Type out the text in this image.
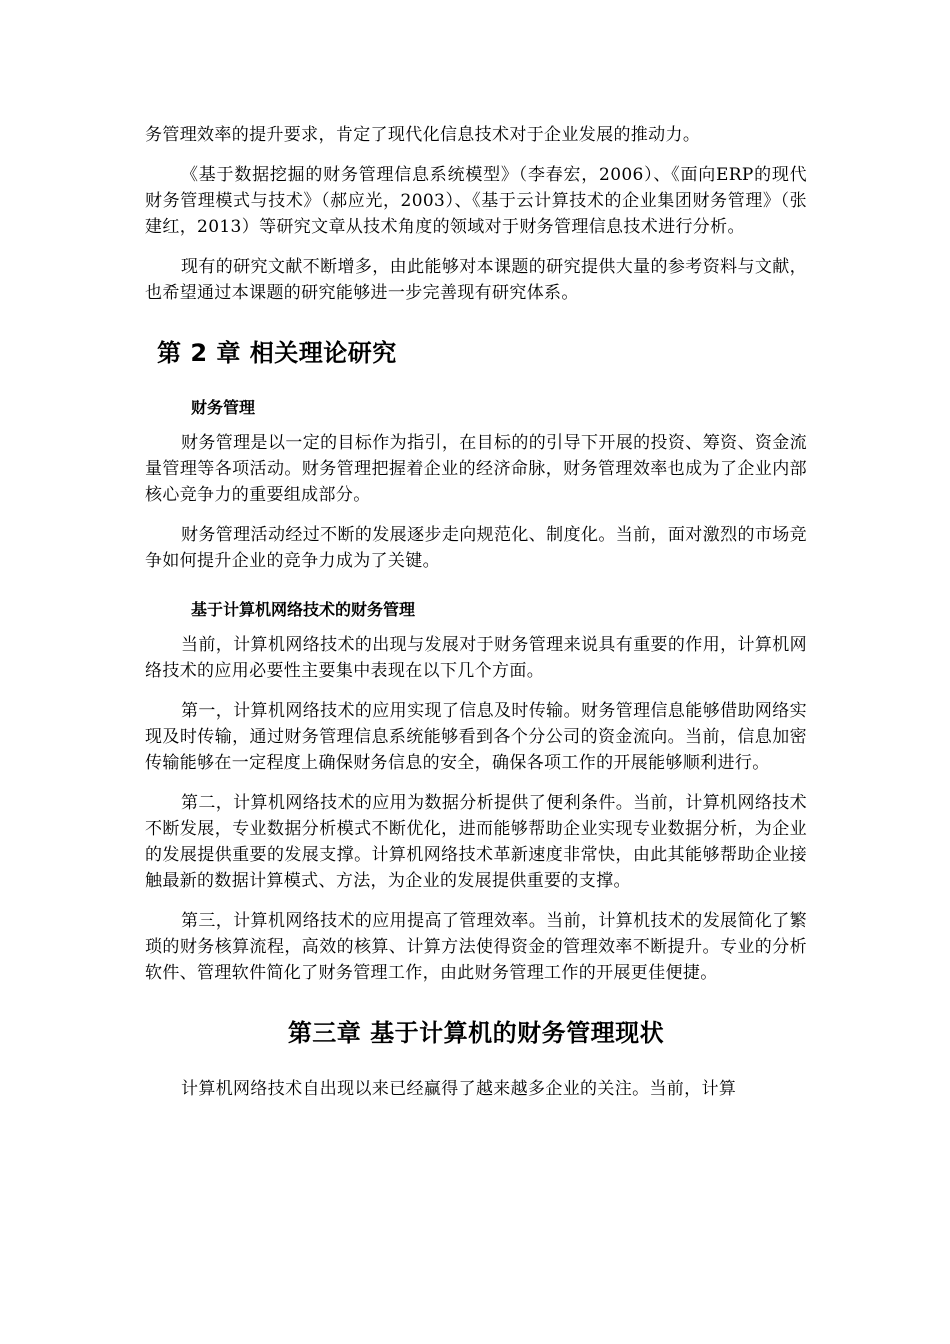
务管理效率的提升要求，肯定了现代化信息技术对于企业发展的推动力。

《基于数据挖掘的财务管理信息系统模型》（李春宏，2006）、《面向ERP的现代财务管理模式与技术》（郝应光，2003）、《基于云计算技术的企业集团财务管理》（张建红，2013）等研究文章从技术角度的领域对于财务管理信息技术进行分析。

现有的研究文献不断增多，由此能够对本课题的研究提供大量的参考资料与文献，也希望通过本课题的研究能够进一步完善现有研究体系。

第 2 章 相关理论研究
财务管理

财务管理是以一定的目标作为指引，在目标的的引导下开展的投资、筹资、资金流量管理等各项活动。财务管理把握着企业的经济命脉，财务管理效率也成为了企业内部核心竞争力的重要组成部分。

财务管理活动经过不断的发展逐步走向规范化、制度化。当前，面对激烈的市场竞争如何提升企业的竞争力成为了关键。

基于计算机网络技术的财务管理

当前，计算机网络技术的出现与发展对于财务管理来说具有重要的作用，计算机网络技术的应用必要性主要集中表现在以下几个方面。

第一，计算机网络技术的应用实现了信息及时传输。财务管理信息能够借助网络实现及时传输，通过财务管理信息系统能够看到各个分公司的资金流向。当前，信息加密传输能够在一定程度上确保财务信息的安全，确保各项工作的开展能够顺利进行。

第二，计算机网络技术的应用为数据分析提供了便利条件。当前，计算机网络技术不断发展，专业数据分析模式不断优化，进而能够帮助企业实现专业数据分析，为企业的发展提供重要的发展支撑。计算机网络技术革新速度非常快，由此其能够帮助企业接触最新的数据计算模式、方法，为企业的发展提供重要的支撑。

第三，计算机网络技术的应用提高了管理效率。当前，计算机技术的发展简化了繁琐的财务核算流程，高效的核算、计算方法使得资金的管理效率不断提升。专业的分析软件、管理软件简化了财务管理工作，由此财务管理工作的开展更佳便捷。

第三章 基于计算机的财务管理现状

计算机网络技术自出现以来已经赢得了越来越多企业的关注。当前，计算
